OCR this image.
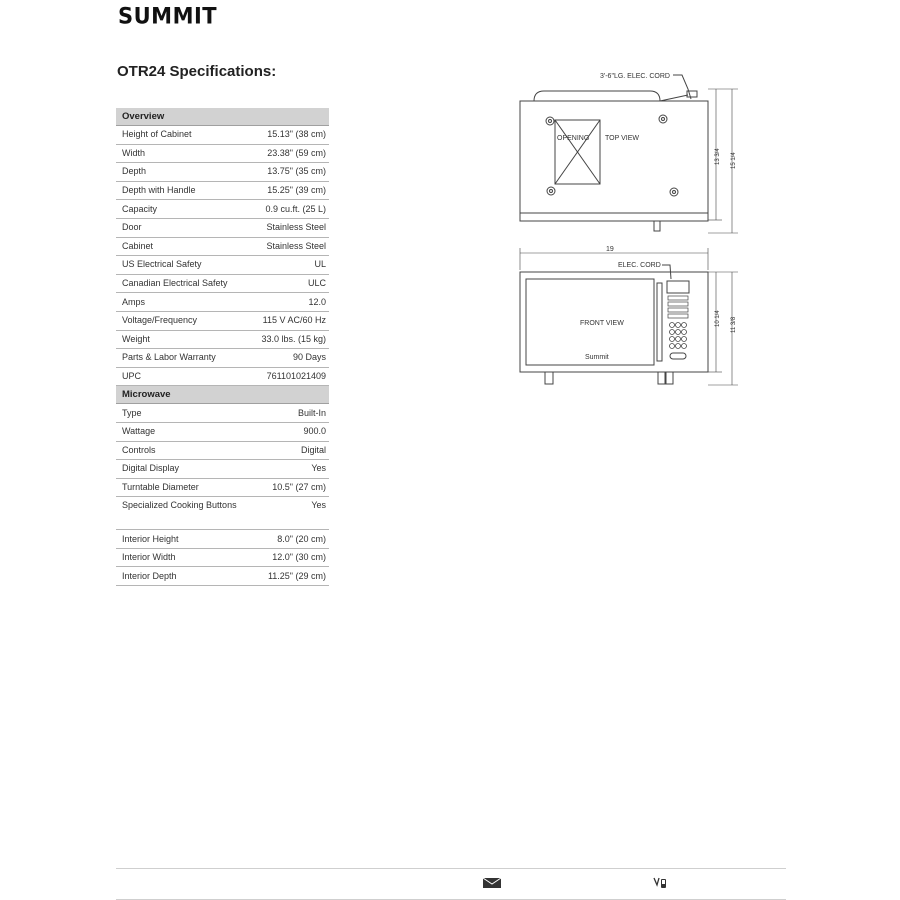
SUMMIT
OTR24 Specifications:
Overview	
Height of Cabinet	15.13" (38 cm)
Width	23.38" (59 cm)
Depth	13.75" (35 cm)
Depth with Handle	15.25" (39 cm)
Capacity	0.9 cu.ft. (25 L)
Door	Stainless Steel
Cabinet	Stainless Steel
US Electrical Safety	UL
Canadian Electrical Safety	ULC
Amps	12.0
Voltage/Frequency	115 V AC/60 Hz
Weight	33.0 lbs. (15 kg)
Parts & Labor Warranty	90 Days
UPC	761101021409
Microwave	
Type	Built-In
Wattage	900.0
Controls	Digital
Digital Display	Yes
Turntable Diameter	10.5" (27 cm)
Specialized Cooking Buttons	Yes
Interior Height	8.0" (20 cm)
Interior Width	12.0" (30 cm)
Interior Depth	11.25" (29 cm)
3'-6"LG. ELEC. CORD
OPENING TOP VIEW
13 3/4 15 1/4
19
ELEC. CORD
FRONT VIEW
Summit
10 1/4 11 3/8
